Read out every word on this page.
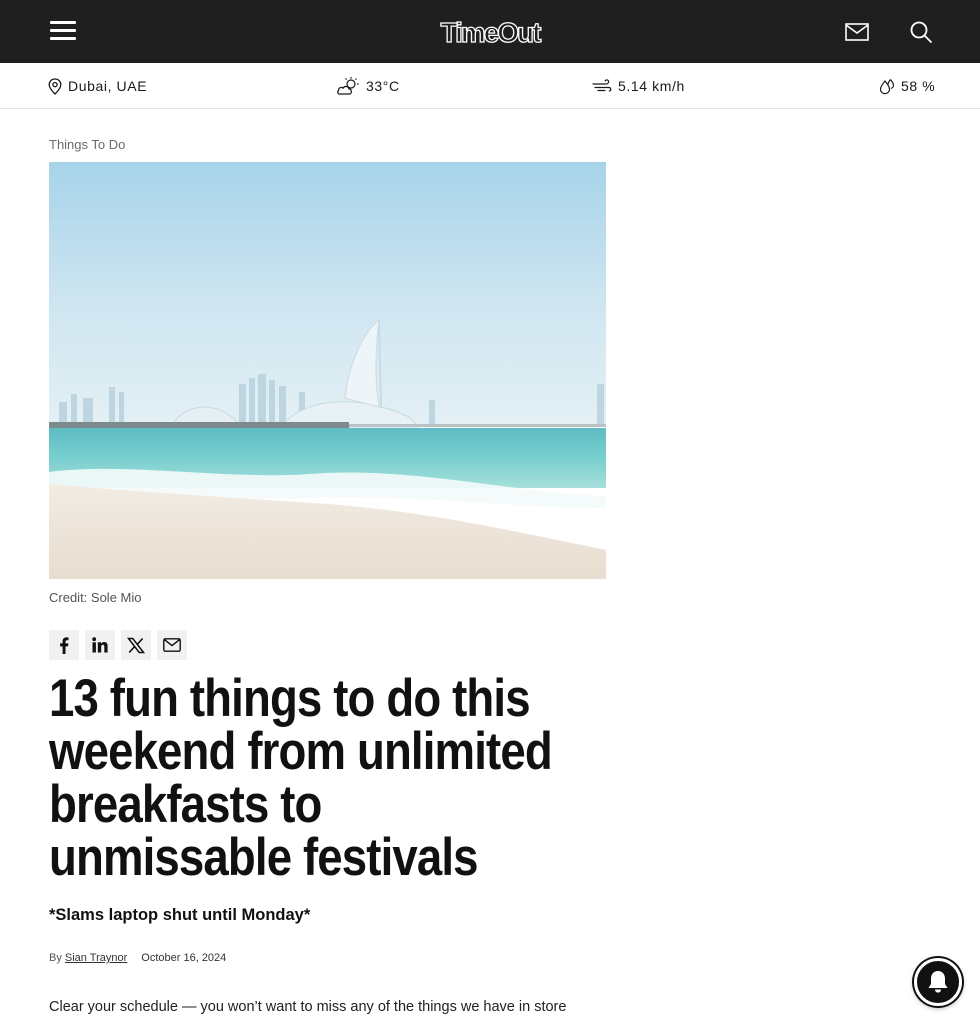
TimeOut
Dubai, UAE	33°C	5.14 km/h	58 %
Things To Do
Credit: Sole Mio
13 fun things to do this weekend from unlimited breakfasts to unmissable festivals
*Slams laptop shut until Monday*
By Sian Traynor October 16, 2024
Clear your schedule — you won’t want to miss any of the things we have in store
